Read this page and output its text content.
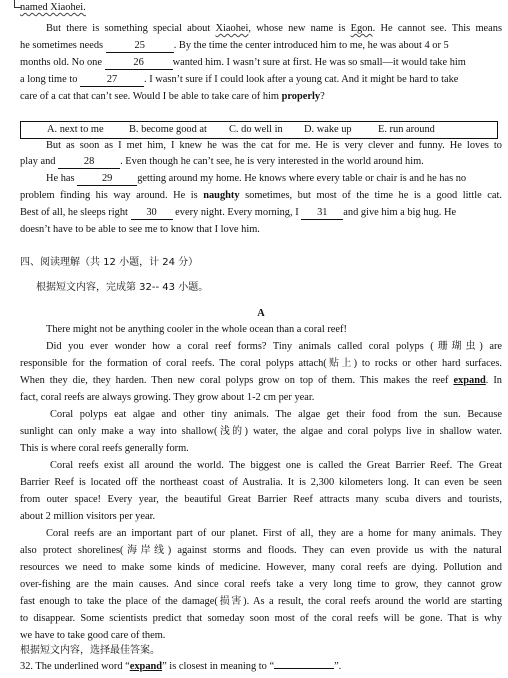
named Xiaohei.
But there is something special about Xiaohei, whose new name is Egon. He cannot see. This means
he sometimes needs	25	. By the time the center introduced him to me, he was about 4 or 5
months old. No one	26	wanted him. I wasn’t sure at first. He was so small—it would take him
a long time to	27	. I wasn’t sure if I could look after a young cat. And it might be hard to take
care of a cat that can’t see. Would I be able to take care of him properly?
A. next to me B. become good at C. do well in D. wake up	E. run around
But as soon as I met him, I knew he was the cat for me. He is very clever and funny. He loves to
play and	28 . Even though he can’t see, he is very interested in the world around him.
He has	29 getting around my home. He knows where every table or chair is and he has no
problem finding his way around. He is naughty sometimes, but most of the time he is a good little cat.
Best of all, he sleeps right 30 every night. Every morning, I 31 and give him a big hug. He
doesn’t have to be able to see me to know that I love him.
四、阅读理解（共 12 小题，计 24 分）
根据短文内容，完成第 32-- 43 小题。
A
There might not be anything cooler in the whole ocean than a coral reef!
Did you ever wonder how a coral reef forms? Tiny animals called coral polyps (珊瑚虫) are
responsible for the formation of coral reefs. The coral polyps attach(贴上) to rocks or other hard surfaces.
When they die, they harden. Then new coral polyps grow on top of them. This makes the reef expand. In
fact, coral reefs are always growing. They grow about 1-2 cm per year.
Coral polyps eat algae and other tiny animals. The algae get their food from the sun. Because
sunlight can only make a way into shallow(浅的) water, the algae and coral polyps live in shallow water.
This is where coral reefs generally form.
Coral reefs exist all around the world. The biggest one is called the Great Barrier Reef. The Great
Barrier Reef is located off the northeast coast of Australia. It is 2,300 kilometers long. It can even be seen
from outer space! Every year, the beautiful Great Barrier Reef attracts many scuba divers and tourists,
about 2 million visitors per year.
Coral reefs are an important part of our planet. First of all, they are a home for many animals. They
also protect shorelines(海岸线) against storms and floods. They can even provide us with the natural
resources we need to make some kinds of medicine. However, many coral reefs are dying. Pollution and
over-fishing are the main causes. And since coral reefs take a very long time to grow, they cannot grow
fast enough to take the place of the damage(损害). As a result, the coral reefs around the world are starting
to disappear. Some scientists predict that someday soon most of the coral reefs will be gone. That is why
we have to take good care of them.
根据短文内容，选择最佳答案。
32. The underlined word “expand” is closest in meaning to “	”.
